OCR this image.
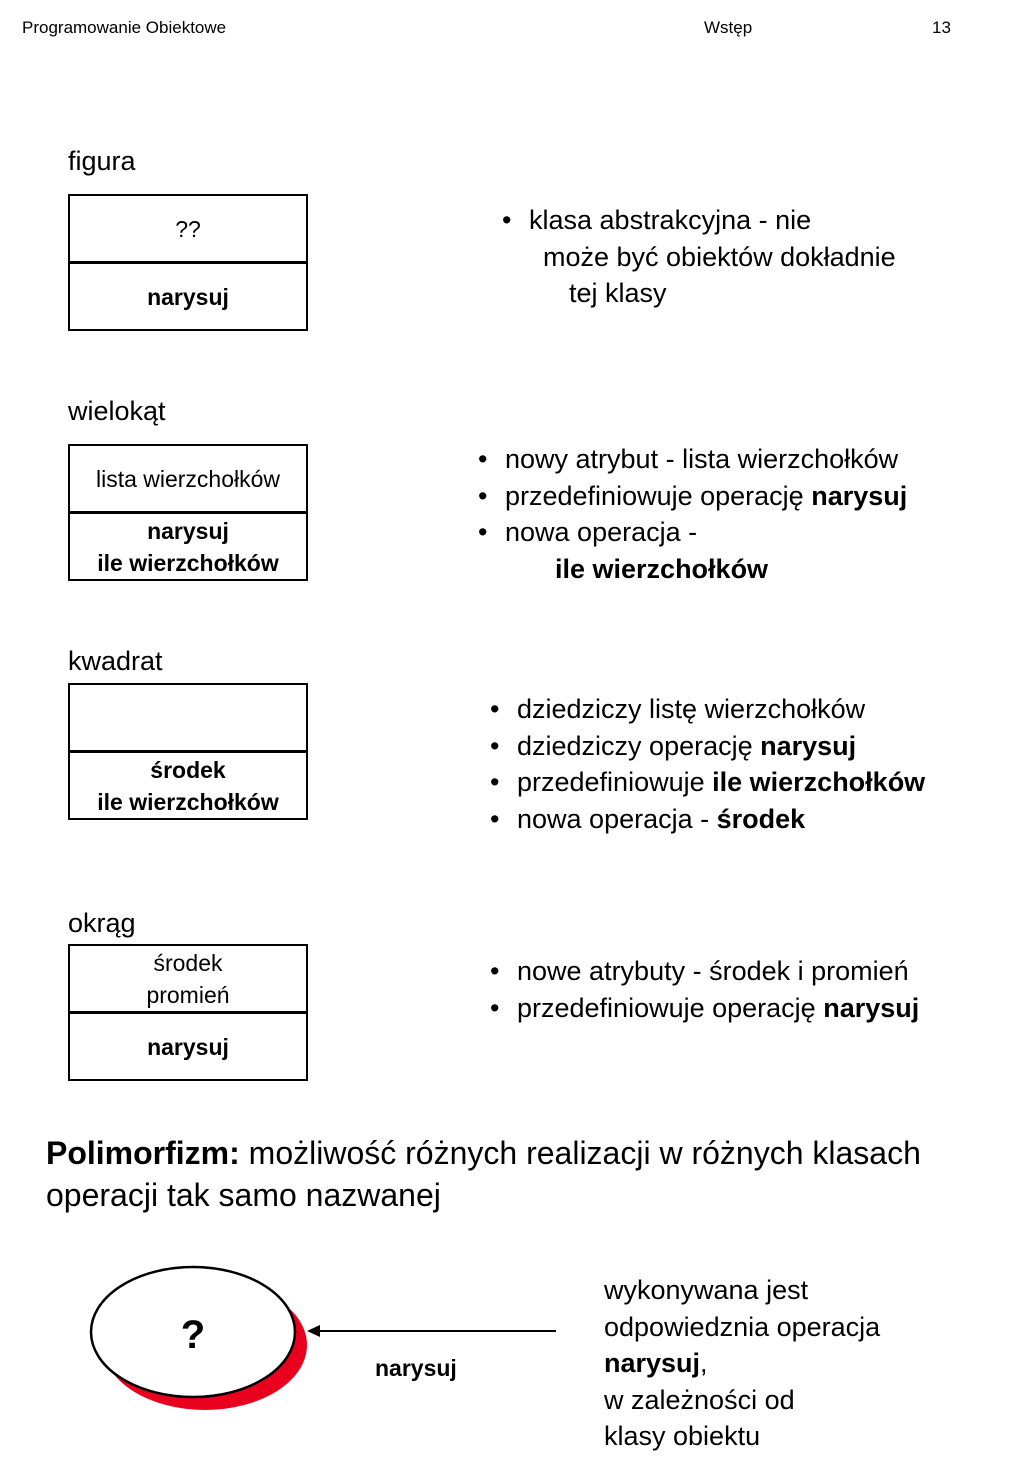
Programowanie Obiektowe	Wstęp	13
figura
??
narysuj
• klasa abstrakcyjna - nie
może być obiektów dokładnie
tej klasy
wielokąt
lista wierzchołków
narysuj
ile wierzchołków
• nowy atrybut - lista wierzchołków
• przedefiniowuje operację narysuj
• nowa operacja -
ile wierzchołków
kwadrat
środek
ile wierzchołków
• dziedziczy listę wierzchołków
• dziedziczy operację narysuj
• przedefiniowuje ile wierzchołków
• nowa operacja - środek
okrąg
środek
promień
narysuj
• nowe atrybuty - środek i promień
• przedefiniowuje operację narysuj
Polimorfizm: możliwość różnych realizacji w różnych klasach operacji tak samo nazwanej
?
narysuj
wykonywana jest
odpowiedznia operacja
narysuj,
w zależności od
klasy obiektu
